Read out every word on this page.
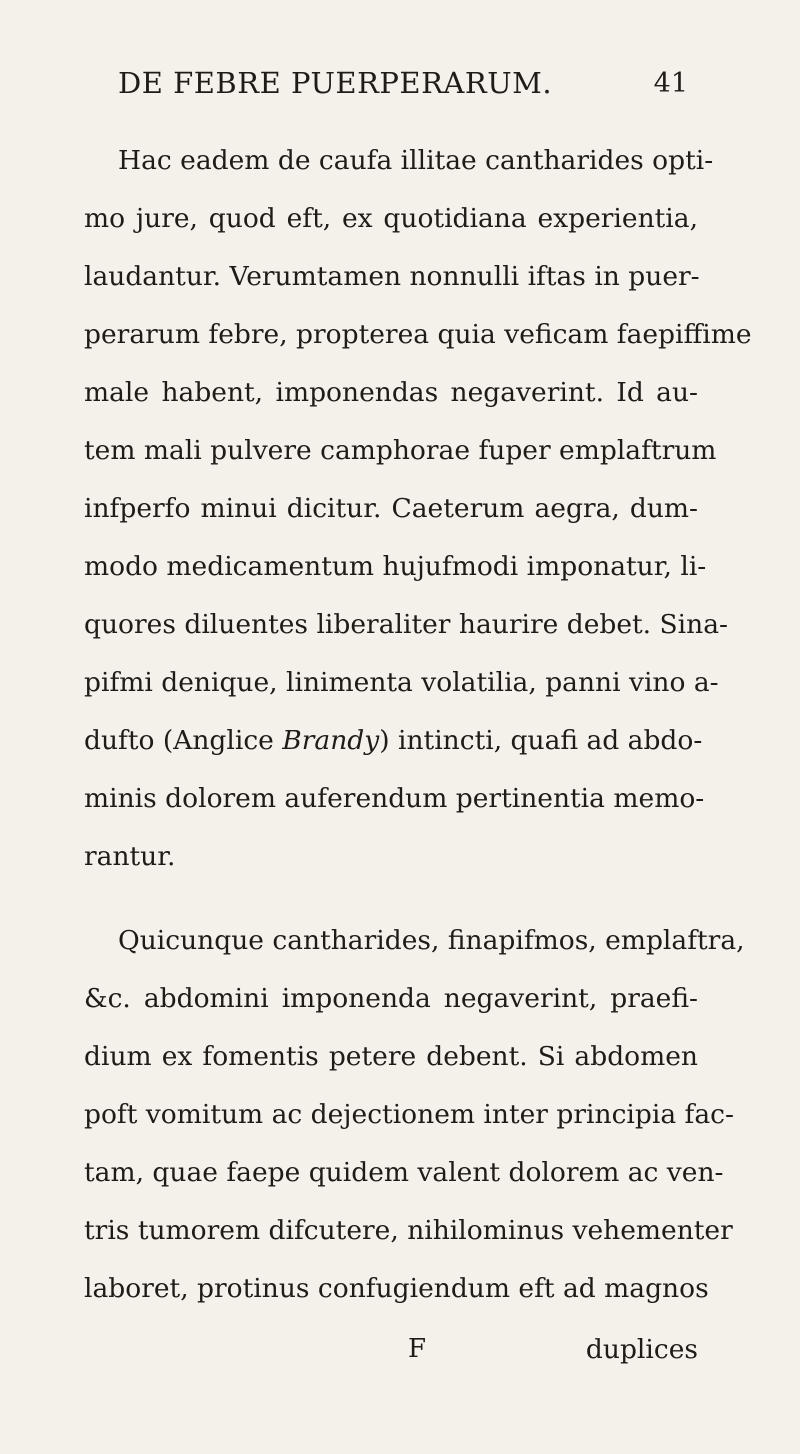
DE FEBRE PUERPERARUM.	41
Hac eadem de caufa illitae cantharides opti-
mo jure, quod eft, ex quotidiana experientia,
laudantur. Verumtamen nonnulli iftas in puer-
perarum febre, propterea quia veficam faepiffime
male habent, imponendas negaverint. Id au-
tem mali pulvere camphorae fuper emplaftrum
infperfo minui dicitur. Caeterum aegra, dum-
modo medicamentum hujufmodi imponatur, li-
quores diluentes liberaliter haurire debet. Sina-
pifmi denique, linimenta volatilia, panni vino a-
dufto (Anglice Brandy) intincti, quafi ad abdo-
minis dolorem auferendum pertinentia memo-
rantur.
Quicunque cantharides, finapifmos, emplaftra,
&c. abdomini imponenda negaverint, praefi-
dium ex fomentis petere debent. Si abdomen
poft vomitum ac dejectionem inter principia fac-
tam, quae faepe quidem valent dolorem ac ven-
tris tumorem difcutere, nihilominus vehementer
laboret, protinus confugiendum eft ad magnos
F	duplices
